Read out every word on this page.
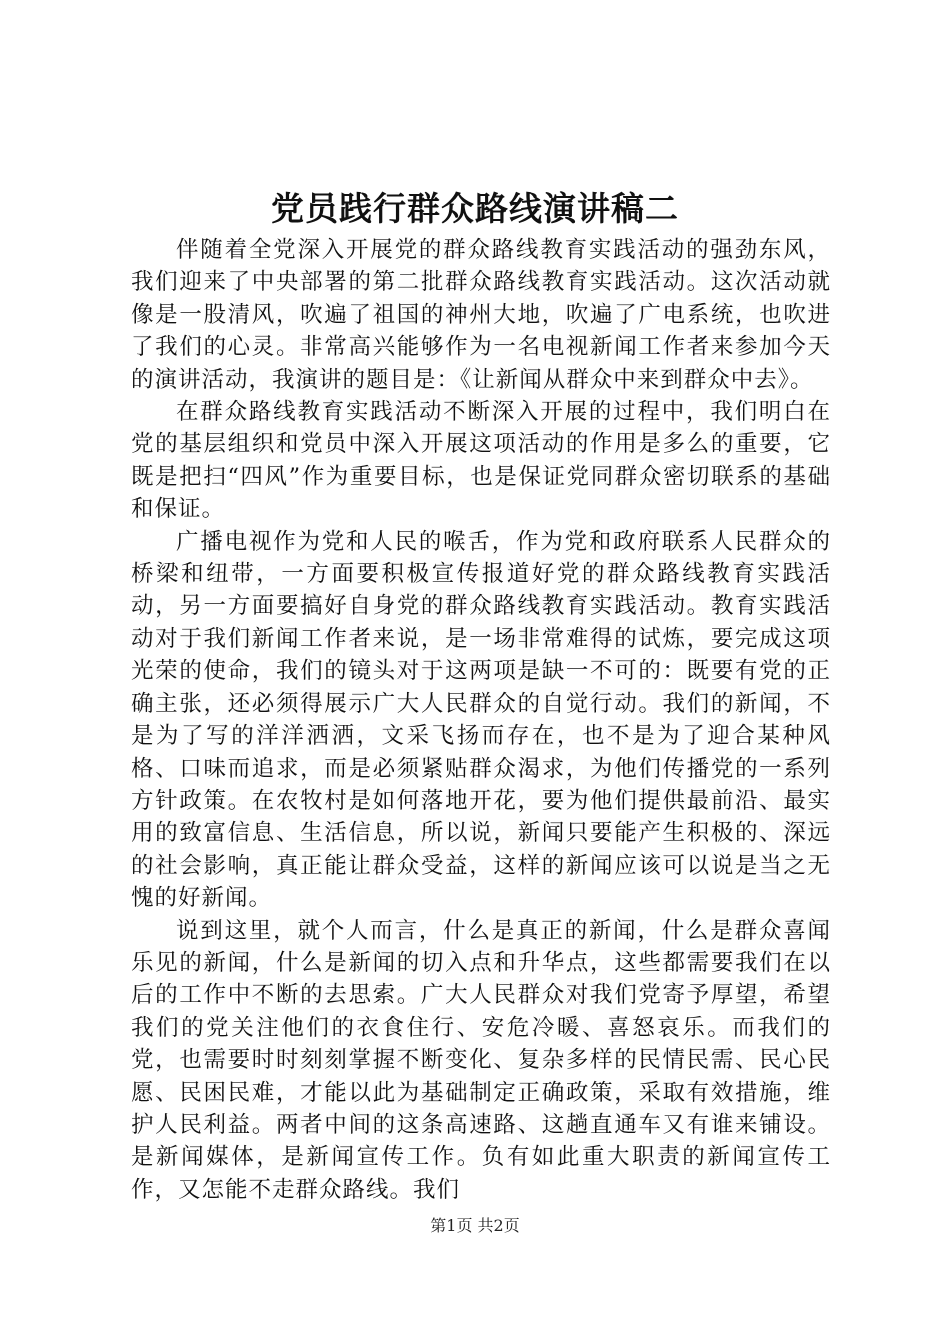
党员践行群众路线演讲稿二

伴随着全党深入开展党的群众路线教育实践活动的强劲东风，我们迎来了中央部署的第二批群众路线教育实践活动。这次活动就像是一股清风，吹遍了祖国的神州大地，吹遍了广电系统，也吹进了我们的心灵。非常高兴能够作为一名电视新闻工作者来参加今天的演讲活动，我演讲的题目是：《让新闻从群众中来到群众中去》。

在群众路线教育实践活动不断深入开展的过程中，我们明白在党的基层组织和党员中深入开展这项活动的作用是多么的重要，它既是把扫“四风”作为重要目标，也是保证党同群众密切联系的基础和保证。

广播电视作为党和人民的喉舌，作为党和政府联系人民群众的桥梁和纽带，一方面要积极宣传报道好党的群众路线教育实践活动，另一方面要搞好自身党的群众路线教育实践活动。教育实践活动对于我们新闻工作者来说，是一场非常难得的试炼，要完成这项光荣的使命，我们的镜头对于这两项是缺一不可的：既要有党的正确主张，还必须得展示广大人民群众的自觉行动。我们的新闻，不是为了写的洋洋洒洒，文采飞扬而存在，也不是为了迎合某种风格、口味而追求，而是必须紧贴群众渴求，为他们传播党的一系列方针政策。在农牧村是如何落地开花，要为他们提供最前沿、最实用的致富信息、生活信息，所以说，新闻只要能产生积极的、深远的社会影响，真正能让群众受益，这样的新闻应该可以说是当之无愧的好新闻。

说到这里，就个人而言，什么是真正的新闻，什么是群众喜闻乐见的新闻，什么是新闻的切入点和升华点，这些都需要我们在以后的工作中不断的去思索。广大人民群众对我们党寄予厚望，希望我们的党关注他们的衣食住行、安危冷暖、喜怒哀乐。而我们的党，也需要时时刻刻掌握不断变化、复杂多样的民情民需、民心民愿、民困民难，才能以此为基础制定正确政策，采取有效措施，维护人民利益。两者中间的这条高速路、这趟直通车又有谁来铺设。是新闻媒体，是新闻宣传工作。负有如此重大职责的新闻宣传工作，又怎能不走群众路线。我们

第1页 共2页
